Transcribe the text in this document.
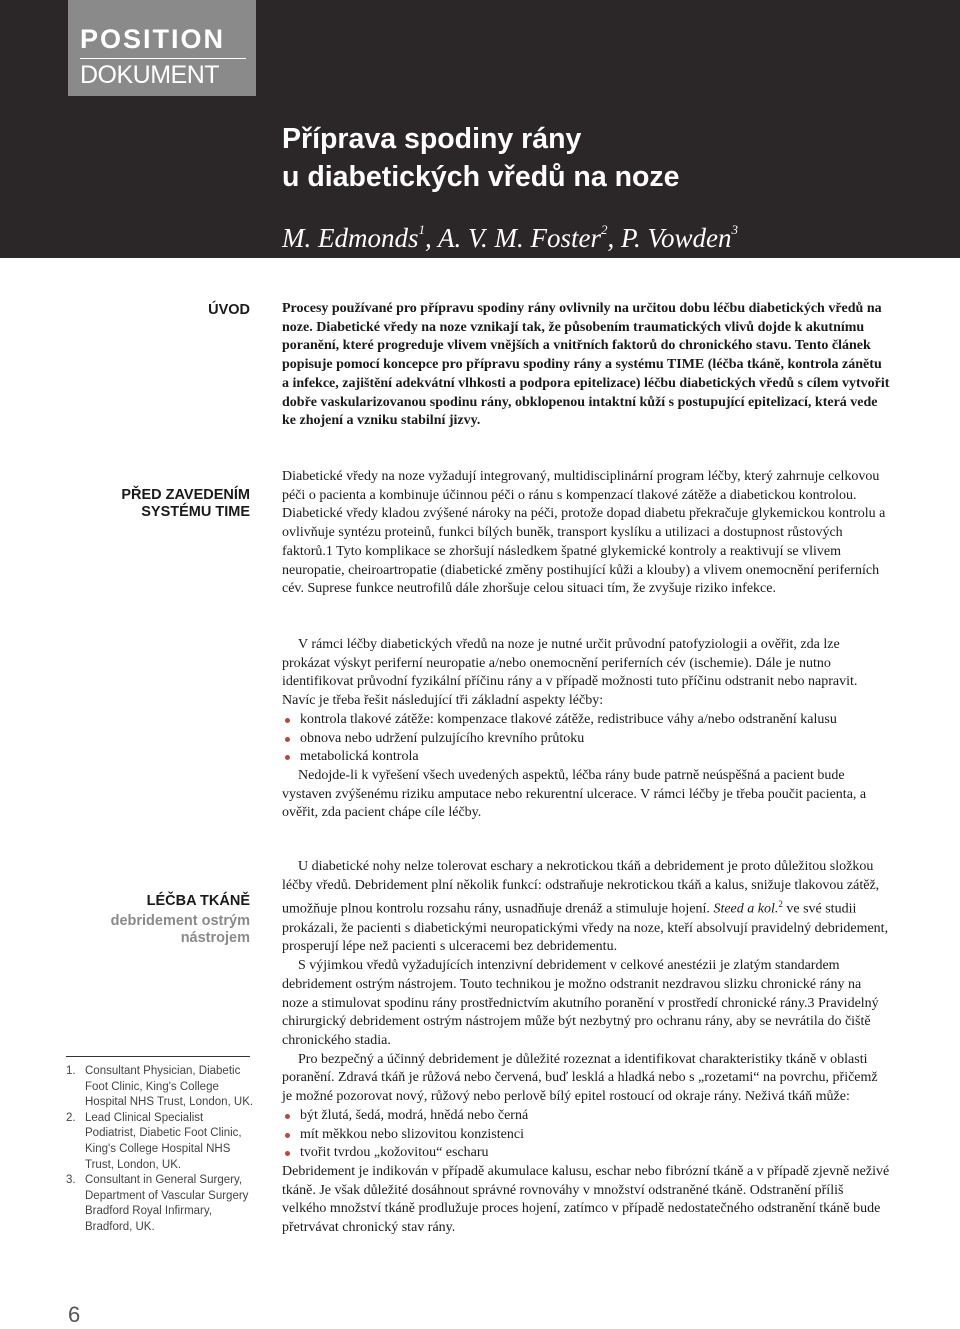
POSITION
DOKUMENT
Příprava spodiny rány
u diabetických vředů na noze
M. Edmonds$^1$, A. V. M. Foster$^2$, P. Vowden$^3$
ÚVOD Procesy používané pro přípravu spodiny rány ovlivnily na určitou dobu léčbu diabetických vředů na noze. Diabetické vředy na noze vznikají tak, že působením traumatických vlivů dojde k akutnímu poranění, které progreduje vlivem vnějších a vnitřních faktorů do chronického stavu. Tento článek popisuje pomocí koncepce pro přípravu spodiny rány a systému TIME (léčba tkáně, kontrola zánětu a infekce, zajištění adekvátní vlhkosti a podpora epitelizace) léčbu diabetických vředů s cílem vytvořit dobře vaskularizovanou spodinu rány, obklopenou intaktní kůží s postupující epitelizací, která vede ke zhojení a vzniku stabilní jizvy.
PŘED ZAVEDENÍM
SYSTÉMU TIME

Diabetické vředy na noze vyžadují integrovaný, multidisciplinární program léčby, který zahrnuje celkovou péči o pacienta a kombinuje účinnou péči o ránu s kompenzací tlakové zátěže a diabetickou kontrolou. Diabetické vředy kladou zvýšené nároky na péči, protože dopad diabetu překračuje glykemickou kontrolu a ovlivňuje syntézu proteinů, funkci bílých buněk, transport kyslíku a utilizaci a dostupnost růstových faktorů.1 Tyto komplikace se zhoršují následkem špatné glykemické kontroly a reaktivují se vlivem neuropatie, cheiroartropatie (diabetické změny postihující kůži a klouby) a vlivem onemocnění periferních cév. Suprese funkce neutrofilů dále zhoršuje celou situaci tím, že zvyšuje riziko infekce.

V rámci léčby diabetických vředů na noze je nutné určit průvodní patofyziologii a ověřit, zda lze prokázat výskyt periferní neuropatie a/nebo onemocnění periferních cév (ischemie). Dále je nutno identifikovat průvodní fyzikální příčinu rány a v případě možnosti tuto příčinu odstranit nebo napravit. Navíc je třeba řešit následující tři základní aspekty léčby:

kontrola tlakové zátěže: kompenzace tlakové zátěže, redistribuce váhy a/nebo odstranění kalusu
obnova nebo udržení pulzujícího krevního průtoku
metabolická kontrola

Nedojde-li k vyřešení všech uvedených aspektů, léčba rány bude patrně neúspěšná a pacient bude vystaven zvýšenému riziku amputace nebo rekurentní ulcerace. V rámci léčby je třeba poučit pacienta, a ověřit, zda pacient chápe cíle léčby.

LÉČBA TKÁNĚ
debridement ostrým
nástrojem

U diabetické nohy nelze tolerovat eschary a nekrotickou tkáň a debridement je proto důležitou složkou léčby vředů. Debridement plní několik funkcí: odstraňuje nekrotickou tkáň a kalus, snižuje tlakovou zátěž, umožňuje plnou kontrolu rozsahu rány, usnadňuje drenáž a stimuluje hojení. Steed a kol.$^2$ ve své studii prokázali, že pacienti s diabetickými neuropatickými vředy na noze, kteří absolvují pravidelný debridement, prosperují lépe než pacienti s ulceracemi bez debridementu.

S výjimkou vředů vyžadujících intenzivní debridement v celkové anestézii je zlatým standardem debridement ostrým nástrojem. Touto technikou je možno odstranit nezdravou slizku chronické rány na noze a stimulovat spodinu rány prostřednictvím akutního poranění v prostředí chronické rány.3 Pravidelný chirurgický debridement ostrým nástrojem může být nezbytný pro ochranu rány, aby se nevrátila do čiště chronického stadia.

Pro bezpečný a účinný debridement je důležité rozeznat a identifikovat charakteristiky tkáně v oblasti poranění. Zdravá tkáň je růžová nebo červená, buď lesklá a hladká nebo s „rozetami“ na povrchu, přičemž je možné pozorovat nový, růžový nebo perlově bílý epitel rostoucí od okraje rány. Neživá tkáň může:

být žlutá, šedá, modrá, hnědá nebo černá
mít měkkou nebo slizovitou konzistenci
tvořit tvrdou „kožovitou“ escharu

Debridement je indikován v případě akumulace kalusu, eschar nebo fibrózní tkáně a v případě zjevně neživé tkáně. Je však důležité dosáhnout správné rovnováhy v množství odstraněné tkáně. Odstranění příliš velkého množství tkáně prodlužuje proces hojení, zatímco v případě nedostatečného odstranění tkáně bude přetrvávat chronický stav rány.

1. Consultant Physician, Diabetic Foot Clinic, King's College Hospital NHS Trust, London, UK.
2. Lead Clinical Specialist Podiatrist, Diabetic Foot Clinic, King's College Hospital NHS Trust, London, UK.
3. Consultant in General Surgery, Department of Vascular Surgery Bradford Royal Infirmary, Bradford, UK.
6
